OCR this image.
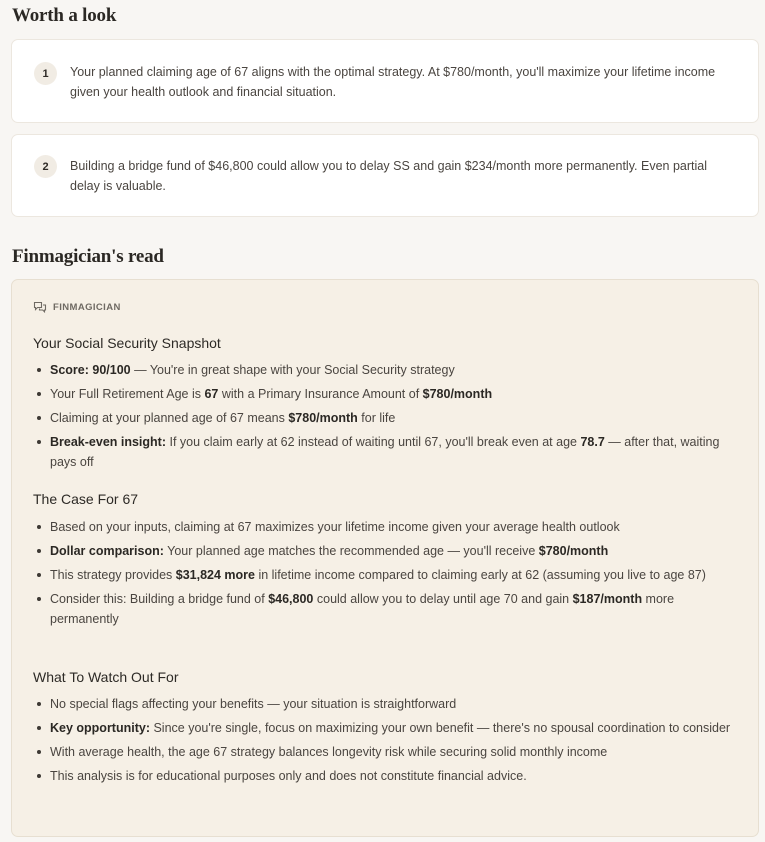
Worth a look
1	Your planned claiming age of 67 aligns with the optimal strategy. At $780/month, you'll maximize your lifetime income given your health outlook and financial situation.
2	Building a bridge fund of $46,800 could allow you to delay SS and gain $234/month more permanently. Even partial delay is valuable.
Finmagician's read
FINMAGICIAN
Your Social Security Snapshot
Score: 90/100 — You're in great shape with your Social Security strategy
Your Full Retirement Age is 67 with a Primary Insurance Amount of $780/month
Claiming at your planned age of 67 means $780/month for life
Break-even insight: If you claim early at 62 instead of waiting until 67, you'll break even at age 78.7 — after that, waiting pays off
The Case For 67
Based on your inputs, claiming at 67 maximizes your lifetime income given your average health outlook
Dollar comparison: Your planned age matches the recommended age — you'll receive $780/month
This strategy provides $31,824 more in lifetime income compared to claiming early at 62 (assuming you live to age 87)
Consider this: Building a bridge fund of $46,800 could allow you to delay until age 70 and gain $187/month more permanently
What To Watch Out For
No special flags affecting your benefits — your situation is straightforward
Key opportunity: Since you're single, focus on maximizing your own benefit — there's no spousal coordination to consider
With average health, the age 67 strategy balances longevity risk while securing solid monthly income
This analysis is for educational purposes only and does not constitute financial advice.
